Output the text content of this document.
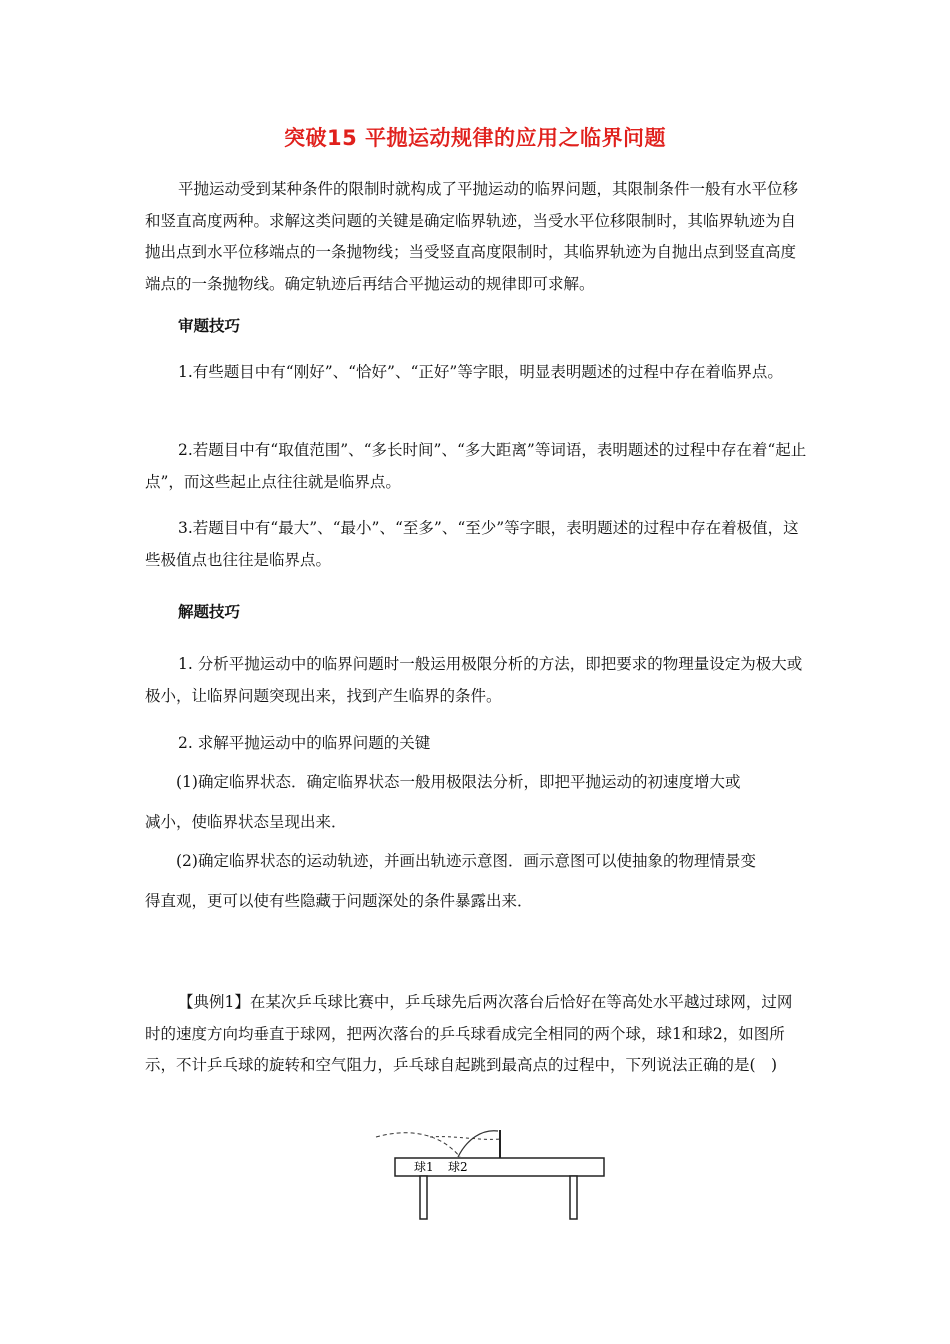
突破15 平抛运动规律的应用之临界问题
平抛运动受到某种条件的限制时就构成了平抛运动的临界问题，其限制条件一般有水平位移和竖直高度两种。求解这类问题的关键是确定临界轨迹，当受水平位移限制时，其临界轨迹为自抛出点到水平位移端点的一条抛物线；当受竖直高度限制时，其临界轨迹为自抛出点到竖直高度端点的一条抛物线。确定轨迹后再结合平抛运动的规律即可求解。
审题技巧
1.有些题目中有“刚好”、“恰好”、“正好”等字眼，明显表明题述的过程中存在着临界点。
2.若题目中有“取值范围”、“多长时间”、“多大距离”等词语，表明题述的过程中存在着“起止点”，而这些起止点往往就是临界点。
3.若题目中有“最大”、“最小”、“至多”、“至少”等字眼，表明题述的过程中存在着极值，这些极值点也往往是临界点。
解题技巧
1. 分析平抛运动中的临界问题时一般运用极限分析的方法，即把要求的物理量设定为极大或极小，让临界问题突现出来，找到产生临界的条件。
2. 求解平抛运动中的临界问题的关键
(1)确定临界状态．确定临界状态一般用极限法分析，即把平抛运动的初速度增大或
减小，使临界状态呈现出来．
(2)确定临界状态的运动轨迹，并画出轨迹示意图．画示意图可以使抽象的物理情景变
得直观，更可以使有些隐藏于问题深处的条件暴露出来．
【典例1】在某次乒乓球比赛中，乒乓球先后两次落台后恰好在等高处水平越过球网，过网时的速度方向均垂直于球网，把两次落台的乒乓球看成完全相同的两个球，球1和球2，如图所示，不计乒乓球的旋转和空气阻力，乒乓球自起跳到最高点的过程中，下列说法正确的是(　)
球1 球2
